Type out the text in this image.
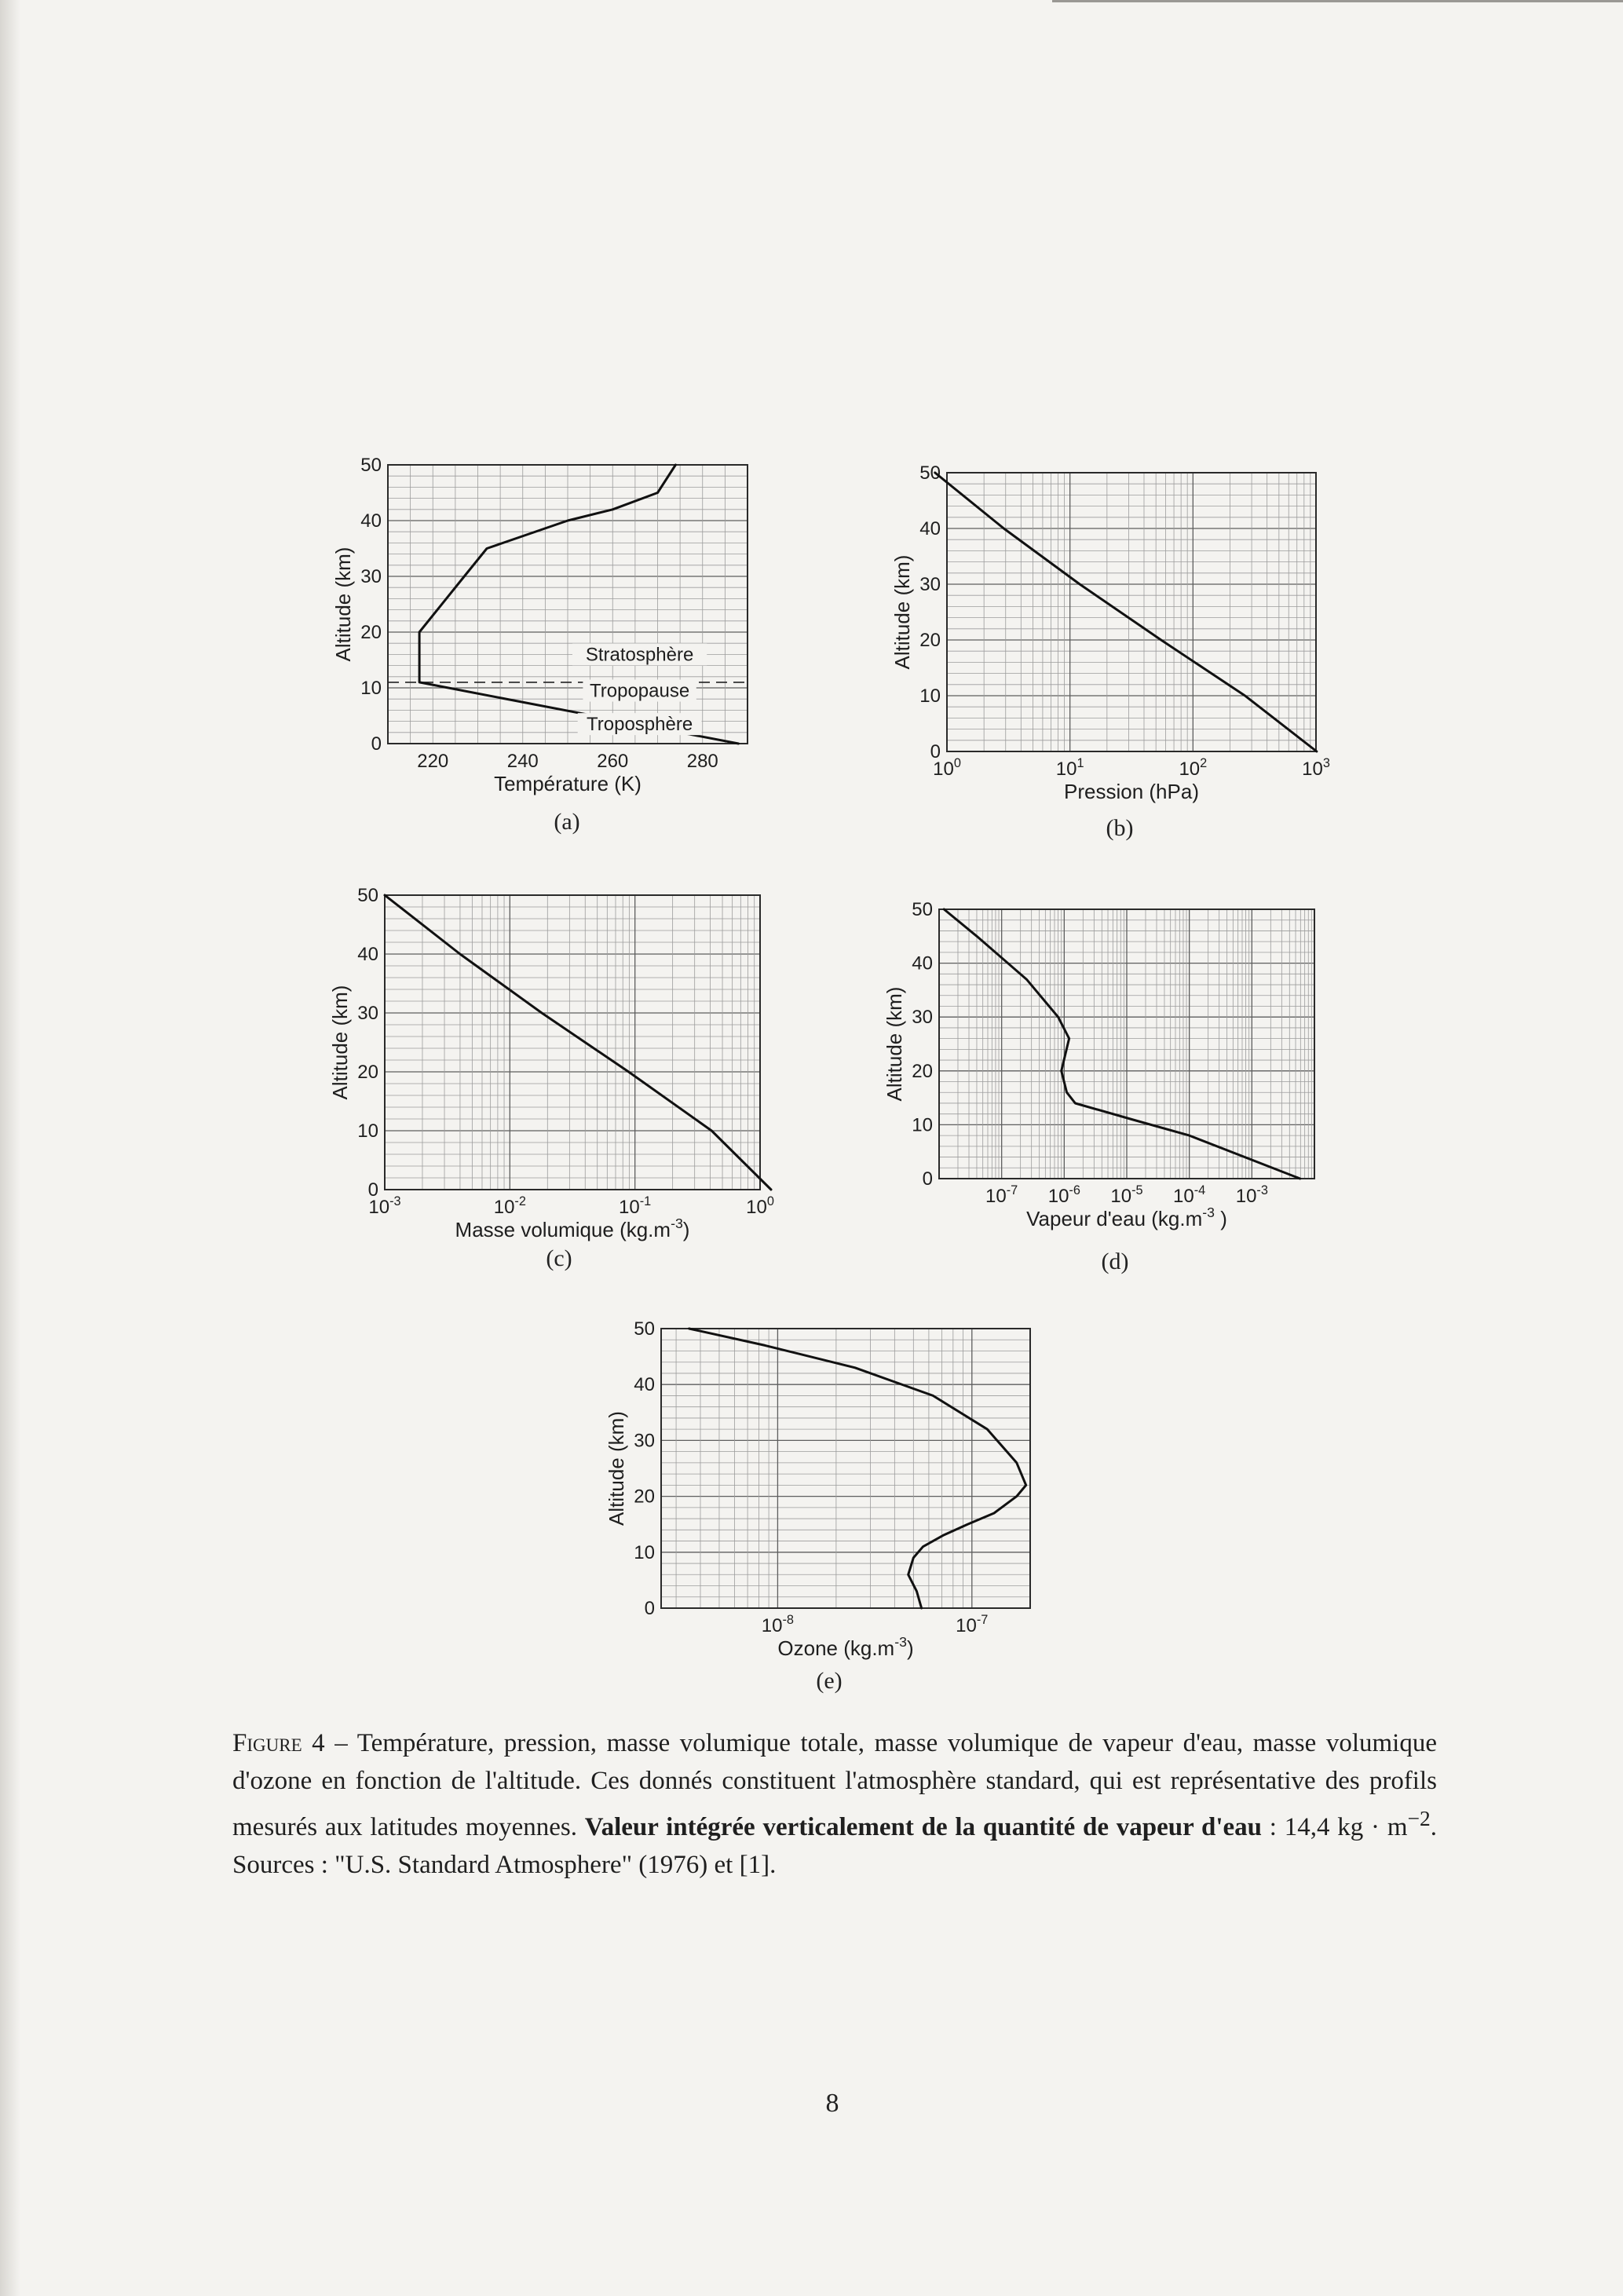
0
10
20
30
40
50
Altitude (km)
220	240	260	280
Température (K)
Stratosphère
Tropopause
Troposphère
(a)
0
10
20
30
40
50
Altitude (km)
$10^0$	$10^1$	$10^2$	$10^3$
Pression (hPa)
(b)
0
10
20
30
40
50
Altitude (km)
$10^{-3}$	$10^{-2}$	$10^{-1}$	$10^0$
Masse volumique $(kg.m^{-3})$
(c)
0
10
20
30
40
50
Altitude (km)
$10^{-7}$ $10^{-6}$ $10^{-5}$ $10^{-4}$ $10^{-3}$
Vapeur d'eau ($kg.m^{-3}$ )
(d)
0
10
20
30
40
50
Altitude (km)
$10^{-8}$	$10^{-7}$
Ozone $(kg.m^{-3})$
(e)
Figure 4 – Température, pression, masse volumique totale, masse volumique de vapeur d'eau, masse volumique d'ozone en fonction de l'altitude. Ces donnés constituent l'atmosphère standard, qui est représentative des profils mesurés aux latitudes moyennes. Valeur intégrée verticalement de la quantité de vapeur d'eau : 14,4 kg · $m^{-2}$. Sources : "U.S. Standard Atmosphere" (1976) et [1].
8
